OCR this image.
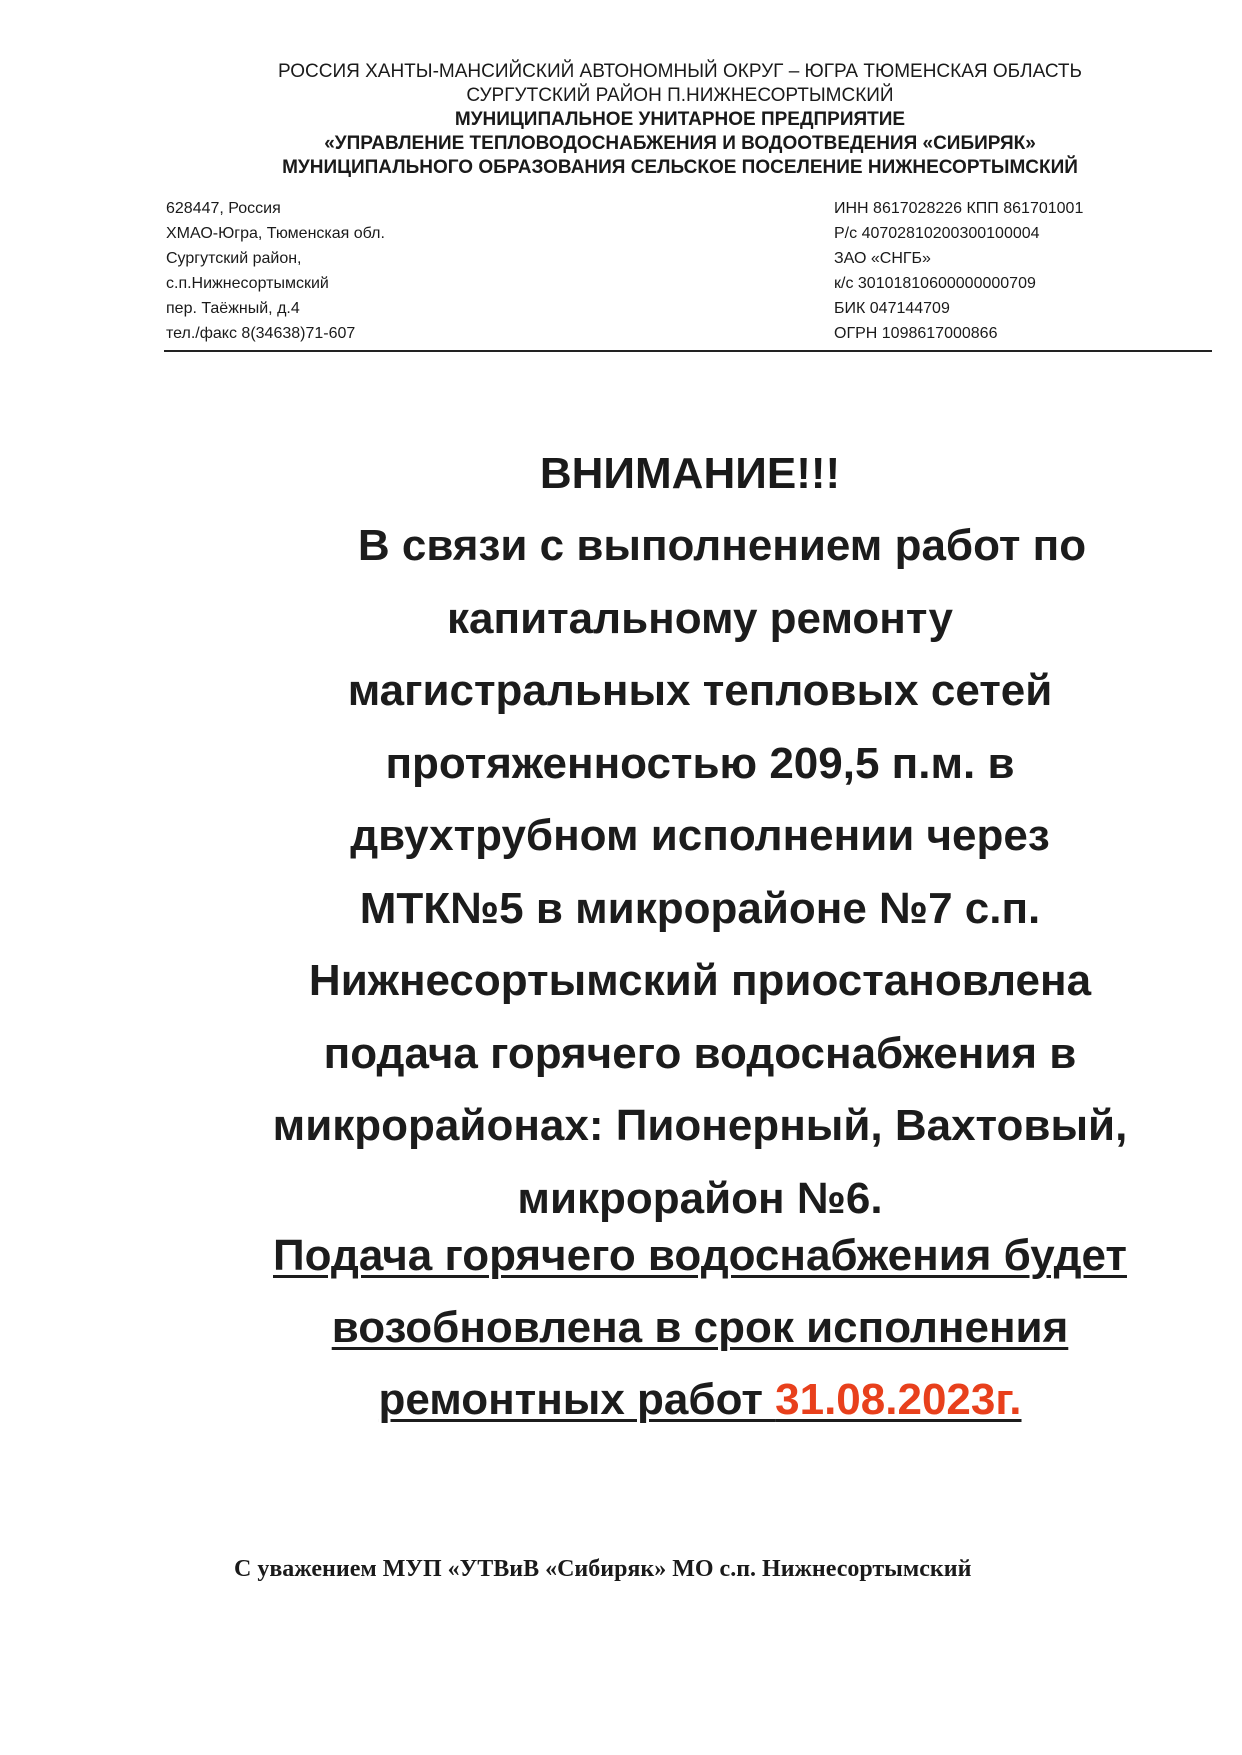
РОССИЯ ХАНТЫ-МАНСИЙСКИЙ АВТОНОМНЫЙ ОКРУГ – ЮГРА ТЮМЕНСКАЯ ОБЛАСТЬ
СУРГУТСКИЙ РАЙОН П.НИЖНЕСОРТЫМСКИЙ
МУНИЦИПАЛЬНОЕ УНИТАРНОЕ ПРЕДПРИЯТИЕ
«УПРАВЛЕНИЕ ТЕПЛОВОДОСНАБЖЕНИЯ И ВОДООТВЕДЕНИЯ «СИБИРЯК»
МУНИЦИПАЛЬНОГО ОБРАЗОВАНИЯ СЕЛЬСКОЕ ПОСЕЛЕНИЕ НИЖНЕСОРТЫМСКИЙ
628447, Россия
ХМАО-Югра, Тюменская обл.
Сургутский район,
с.п.Нижнесортымский
пер. Таёжный, д.4
тел./факс 8(34638)71-607
ИНН 8617028226 КПП 861701001
Р/с 40702810200300100004
ЗАО «СНГБ»
к/с 30101810600000000709
БИК 047144709
ОГРН 1098617000866
ВНИМАНИЕ!!!
В связи с выполнением работ по
капитальному ремонту
магистральных тепловых сетей
протяженностью 209,5 п.м. в
двухтрубном исполнении через
МТК№5 в микрорайоне №7 с.п.
Нижнесортымский приостановлена
подача горячего водоснабжения в
микрорайонах: Пионерный, Вахтовый,
микрорайон №6.
Подача горячего водоснабжения будет
возобновлена в срок исполнения
ремонтных работ 31.08.2023г.
С уважением МУП «УТВиВ «Сибиряк» МО с.п. Нижнесортымский
